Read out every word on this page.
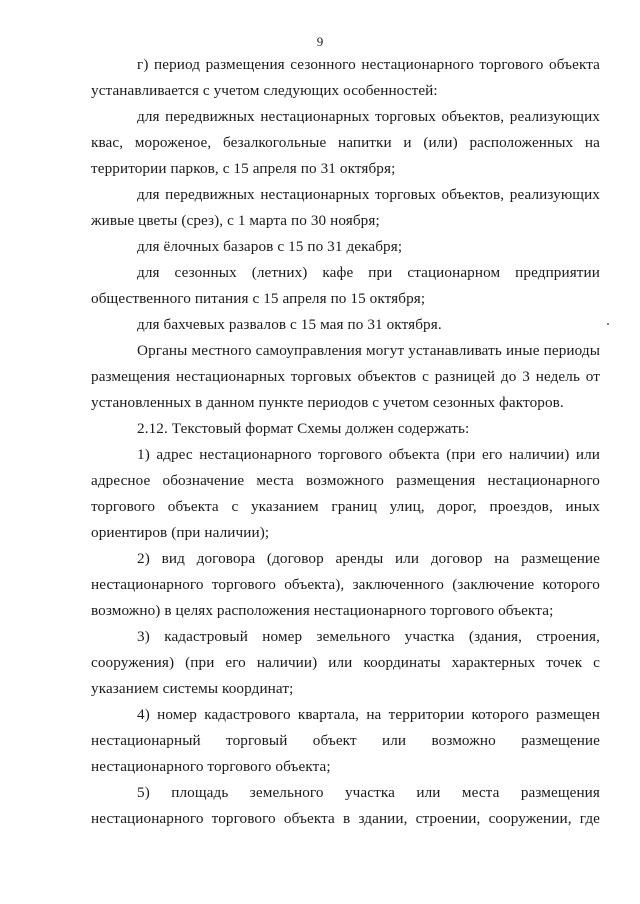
9

г) период размещения сезонного нестационарного торгового объекта устанавливается с учетом следующих особенностей:

для передвижных нестационарных торговых объектов, реализующих квас, мороженое, безалкогольные напитки и (или) расположенных на территории парков, с 15 апреля по 31 октября;

для передвижных нестационарных торговых объектов, реализующих живые цветы (срез), с 1 марта по 30 ноября;

для ёлочных базаров с 15 по 31 декабря;

для сезонных (летних) кафе при стационарном предприятии общественного питания с 15 апреля по 15 октября;

для бахчевых развалов с 15 мая по 31 октября.

Органы местного самоуправления могут устанавливать иные периоды размещения нестационарных торговых объектов с разницей до 3 недель от установленных в данном пункте периодов с учетом сезонных факторов.

2.12. Текстовый формат Схемы должен содержать:

1) адрес нестационарного торгового объекта (при его наличии) или адресное обозначение места возможного размещения нестационарного торгового объекта с указанием границ улиц, дорог, проездов, иных ориентиров (при наличии);

2) вид договора (договор аренды или договор на размещение нестационарного торгового объекта), заключенного (заключение которого возможно) в целях расположения нестационарного торгового объекта;

3) кадастровый номер земельного участка (здания, строения, сооружения) (при его наличии) или координаты характерных точек с указанием системы координат;

4) номер кадастрового квартала, на территории которого размещен нестационарный торговый объект или возможно размещение нестационарного торгового объекта;

5) площадь земельного участка или места размещения нестационарного торгового объекта в здании, строении, сооружении, где
